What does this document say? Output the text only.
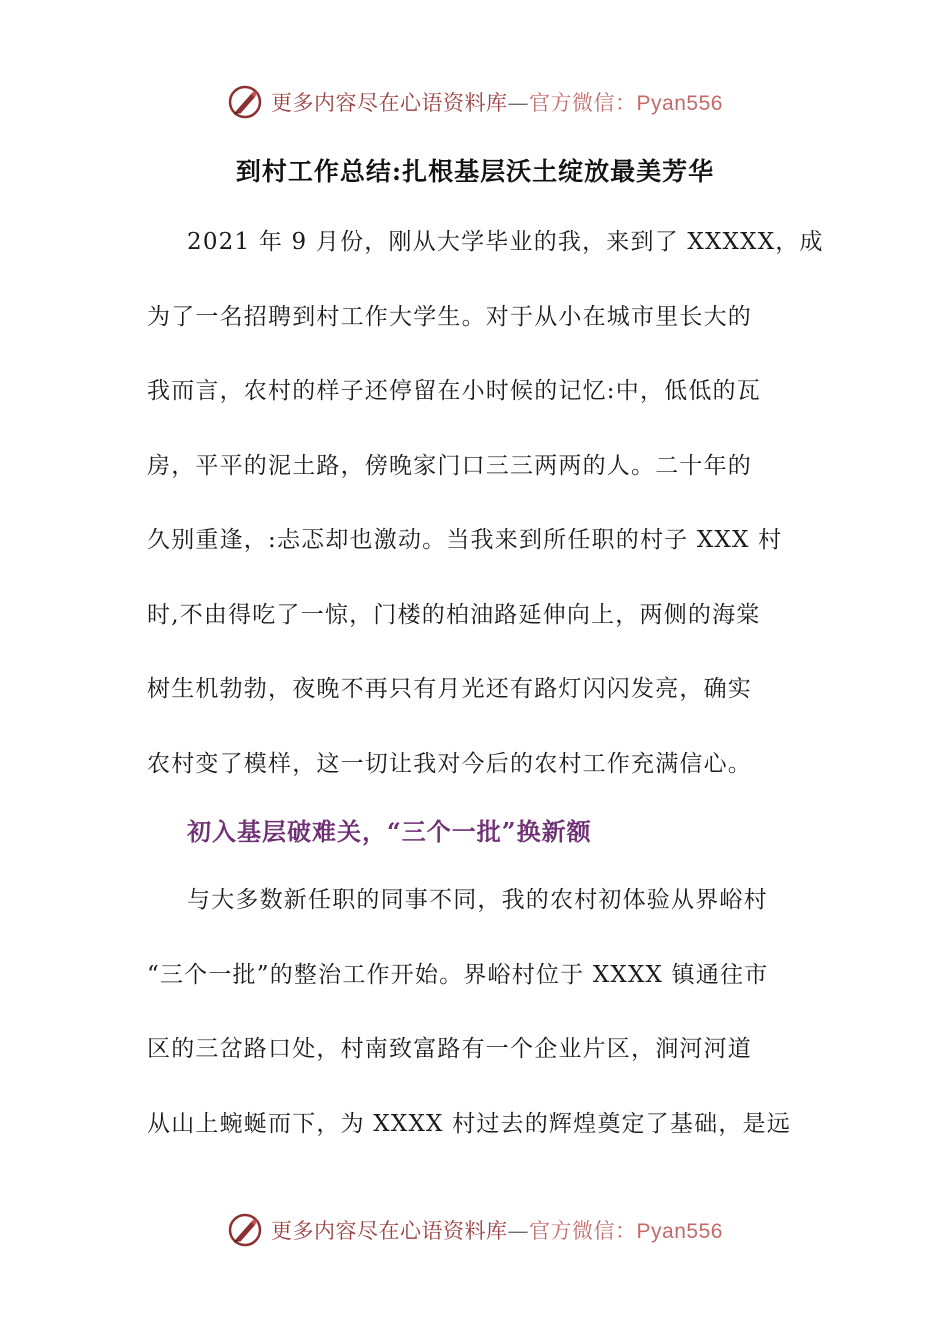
更多内容尽在心语资料库—官方微信：Pyan556
到村工作总结:扎根基层沃土绽放最美芳华
2021 年 9 月份，刚从大学毕业的我，来到了 XXXXX，成
为了一名招聘到村工作大学生。对于从小在城市里长大的
我而言，农村的样子还停留在小时候的记忆:中，低低的瓦
房，平平的泥土路，傍晚家门口三三两两的人。二十年的
久别重逢，:忐忑却也激动。当我来到所任职的村子 XXX 村
时,不由得吃了一惊，门楼的柏油路延伸向上，两侧的海棠
树生机勃勃，夜晚不再只有月光还有路灯闪闪发亮，确实
农村变了模样，这一切让我对今后的农村工作充满信心。
初入基层破难关，“三个一批”换新额
与大多数新任职的同事不同，我的农村初体验从界峪村
“三个一批”的整治工作开始。界峪村位于 XXXX 镇通往市
区的三岔路口处，村南致富路有一个企业片区，涧河河道
从山上蜿蜒而下，为 XXXX 村过去的辉煌奠定了基础，是远
更多内容尽在心语资料库—官方微信：Pyan556
